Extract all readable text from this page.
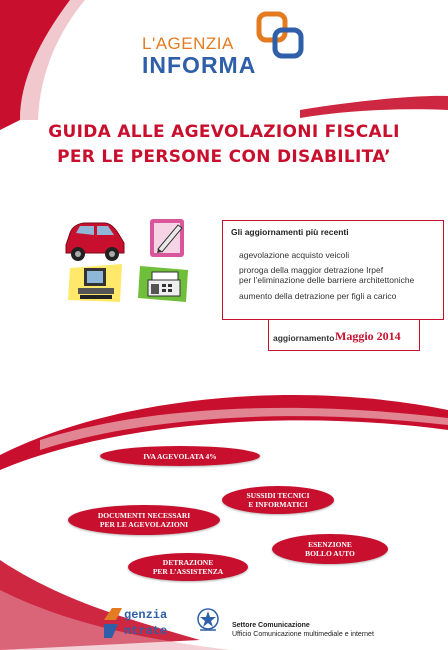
L'AGENZIA
INFORMA
GUIDA ALLE AGEVOLAZIONI FISCALI
PER LE PERSONE CON DISABILITA’
Gli aggiornamenti più recenti
agevolazione acquisto veicoli
proroga della maggior detrazione Irpef
per l’eliminazione delle barriere architettoniche
aumento della detrazione per figli a carico
aggiornamento Maggio 2014
IVA AGEVOLATA 4%
SUSSIDI TECNICI
E INFORMATICI
DOCUMENTI NECESSARI
PER LE AGEVOLAZIONI
ESENZIONE
BOLLO AUTO
DETRAZIONE
PER L’ASSISTENZA
genzia
ntrate	Settore Comunicazione
Ufficio Comunicazione multimediale e internet
